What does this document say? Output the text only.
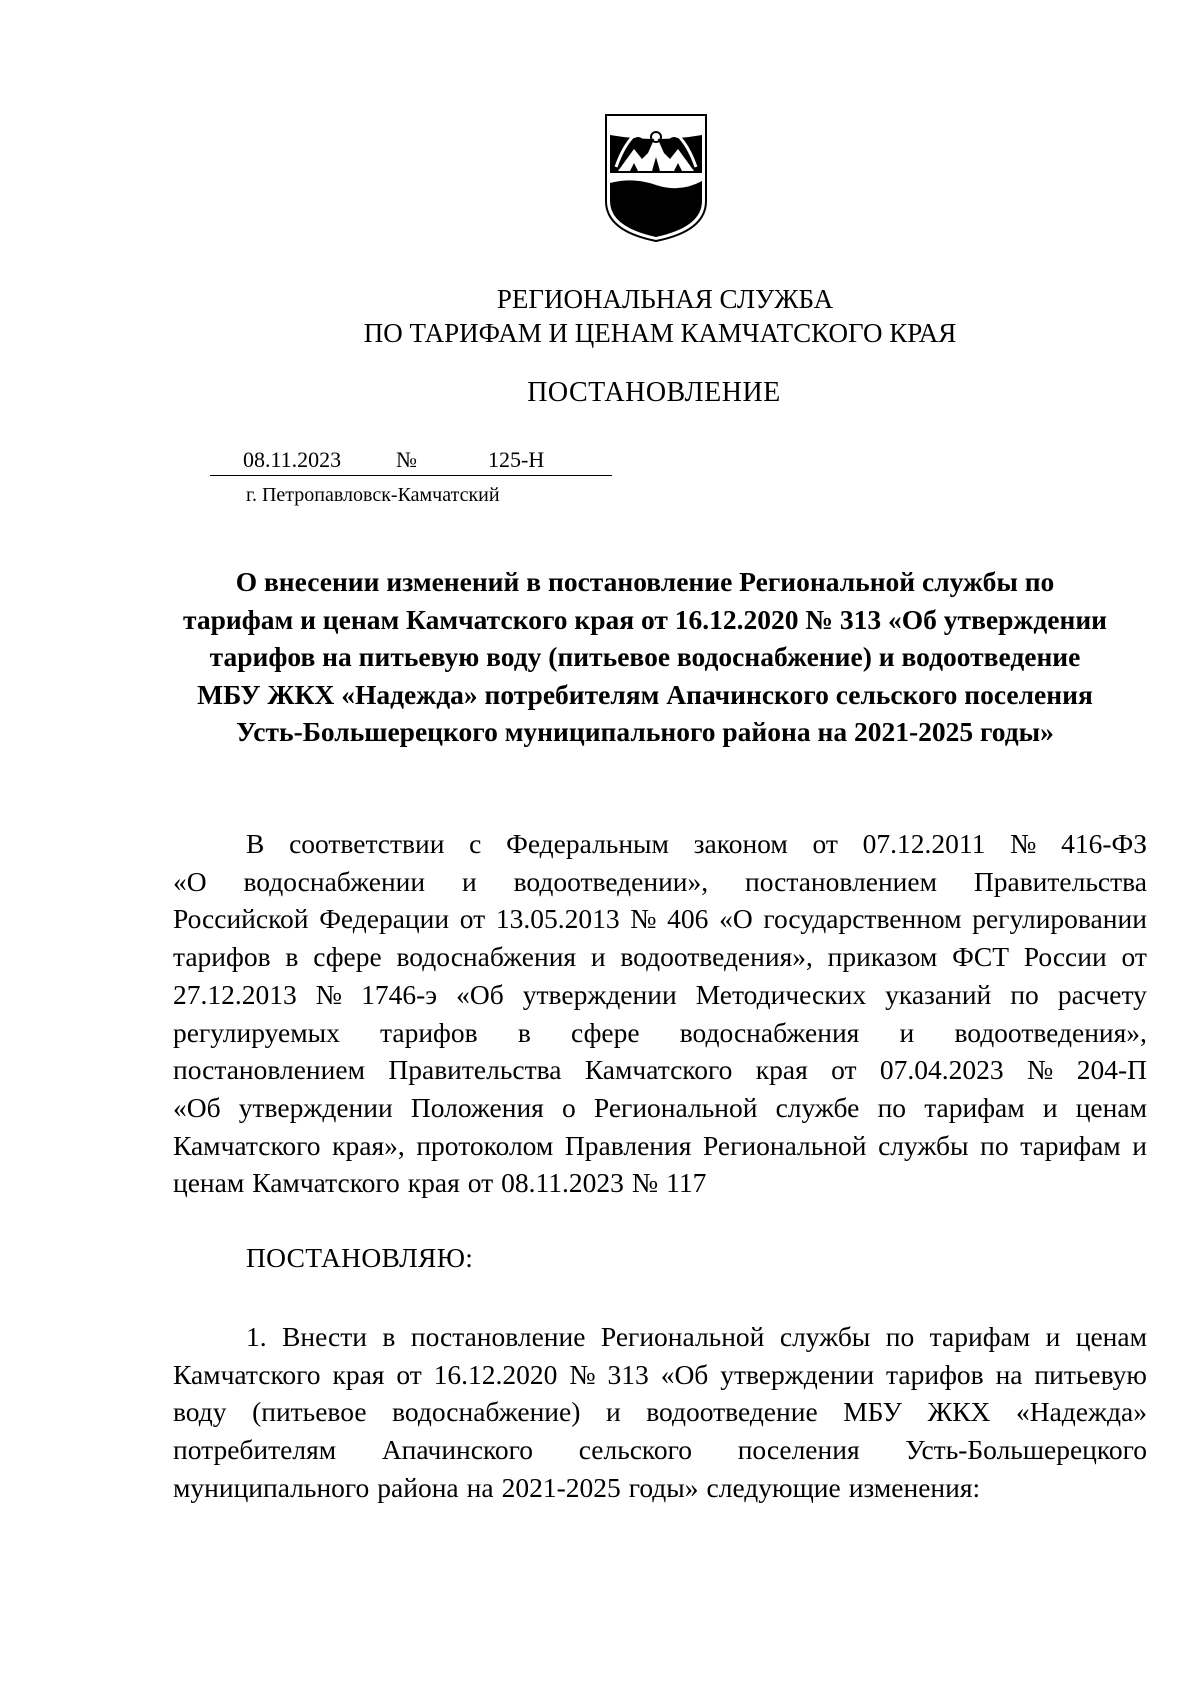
РЕГИОНАЛЬНАЯ СЛУЖБА
ПО ТАРИФАМ И ЦЕНАМ КАМЧАТСКОГО КРАЯ
ПОСТАНОВЛЕНИЕ
08.11.2023 №	125-Н
г. Петропавловск-Камчатский
О внесении изменений в постановление Региональной службы по
тарифам и ценам Камчатского края от 16.12.2020 № 313 «Об утверждении
тарифов на питьевую воду (питьевое водоснабжение) и водоотведение
МБУ ЖКХ «Надежда» потребителям Апачинского сельского поселения
Усть-Большерецкого муниципального района на 2021-2025 годы»
В соответствии с Федеральным законом от 07.12.2011 № 416-ФЗ
«О водоснабжении и водоотведении», постановлением Правительства
Российской Федерации от 13.05.2013 № 406 «О государственном регулировании
тарифов в сфере водоснабжения и водоотведения», приказом ФСТ России от
27.12.2013 № 1746-э «Об утверждении Методических указаний по расчету
регулируемых тарифов в сфере водоснабжения и водоотведения»,
постановлением Правительства Камчатского края от 07.04.2023 № 204-П
«Об утверждении Положения о Региональной службе по тарифам и ценам
Камчатского края», протоколом Правления Региональной службы по тарифам и
ценам Камчатского края от 08.11.2023 № 117
ПОСТАНОВЛЯЮ:
1. Внести в постановление Региональной службы по тарифам и ценам
Камчатского края от 16.12.2020 № 313 «Об утверждении тарифов на питьевую
воду (питьевое водоснабжение) и водоотведение МБУ ЖКХ «Надежда»
потребителям Апачинского сельского поселения Усть-Большерецкого
муниципального района на 2021-2025 годы» следующие изменения:
